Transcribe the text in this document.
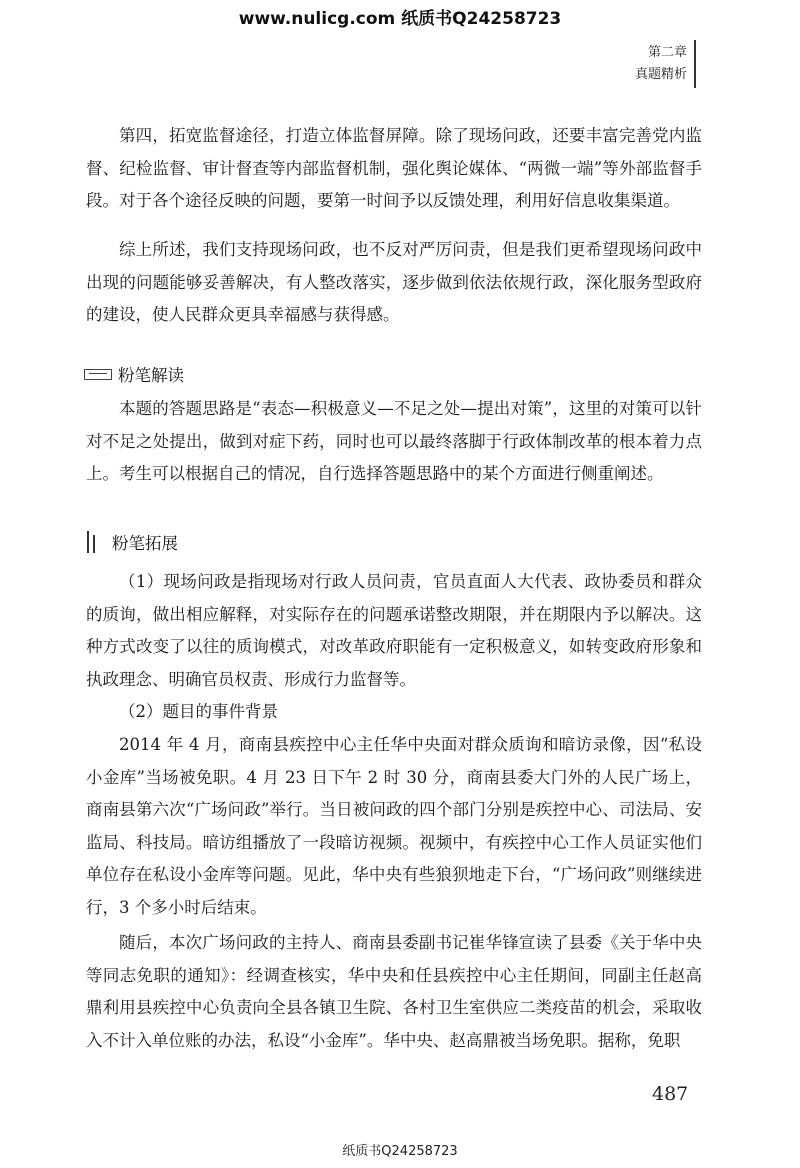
www.nulicg.com 纸质书Q24258723
第二章
真题精析

第四，拓宽监督途径，打造立体监督屏障。除了现场问政，还要丰富完善党内监督、纪检监督、审计督查等内部监督机制，强化舆论媒体、“两微一端”等外部监督手段。对于各个途径反映的问题，要第一时间予以反馈处理，利用好信息收集渠道。

综上所述，我们支持现场问政，也不反对严厉问责，但是我们更希望现场问政中出现的问题能够妥善解决，有人整改落实，逐步做到依法依规行政，深化服务型政府的建设，使人民群众更具幸福感与获得感。

粉笔解读

本题的答题思路是“表态—积极意义—不足之处—提出对策”，这里的对策可以针对不足之处提出，做到对症下药，同时也可以最终落脚于行政体制改革的根本着力点上。考生可以根据自己的情况，自行选择答题思路中的某个方面进行侧重阐述。

粉笔拓展

（1）现场问政是指现场对行政人员问责，官员直面人大代表、政协委员和群众的质询，做出相应解释，对实际存在的问题承诺整改期限，并在期限内予以解决。这种方式改变了以往的质询模式，对改革政府职能有一定积极意义，如转变政府形象和执政理念、明确官员权责、形成行力监督等。

（2）题目的事件背景

2014 年 4 月，商南县疾控中心主任华中央面对群众质询和暗访录像，因“私设小金库”当场被免职。4 月 23 日下午 2 时 30 分，商南县委大门外的人民广场上，商南县第六次“广场问政”举行。当日被问政的四个部门分别是疾控中心、司法局、安监局、科技局。暗访组播放了一段暗访视频。视频中，有疾控中心工作人员证实他们单位存在私设小金库等问题。见此，华中央有些狼狈地走下台，“广场问政”则继续进行，3 个多小时后结束。

随后，本次广场问政的主持人、商南县委副书记崔华锋宣读了县委《关于华中央等同志免职的通知》：经调查核实，华中央和任县疾控中心主任期间，同副主任赵高鼎利用县疾控中心负责向全县各镇卫生院、各村卫生室供应二类疫苗的机会，采取收入不计入单位账的办法，私设“小金库”。华中央、赵高鼎被当场免职。据称，免职

487
纸质书Q24258723
